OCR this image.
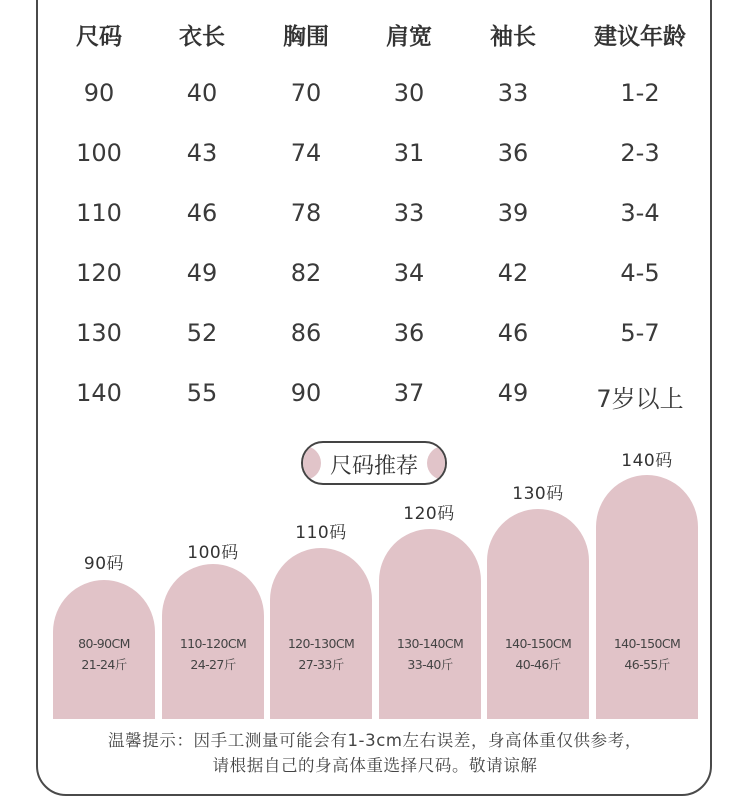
尺码	衣长	胸围	肩宽	袖长	建议年龄
90	40	70	30	33	1-2
100	43	74	31	36	2-3
110	46	78	33	39	3-4
120	49	82	34	42	4-5
130	52	86	36	46	5-7
140	55	90	37	49	7岁以上
尺码推荐
90码
80-90CM
21-24斤
100码
110-120CM
24-27斤
110码
120-130CM
27-33斤
120码
130-140CM
33-40斤
130码
140-150CM
40-46斤
140码
140-150CM
46-55斤
温馨提示：因手工测量可能会有1-3cm左右误差，身高体重仅供参考，
请根据自己的身高体重选择尺码。敬请谅解
